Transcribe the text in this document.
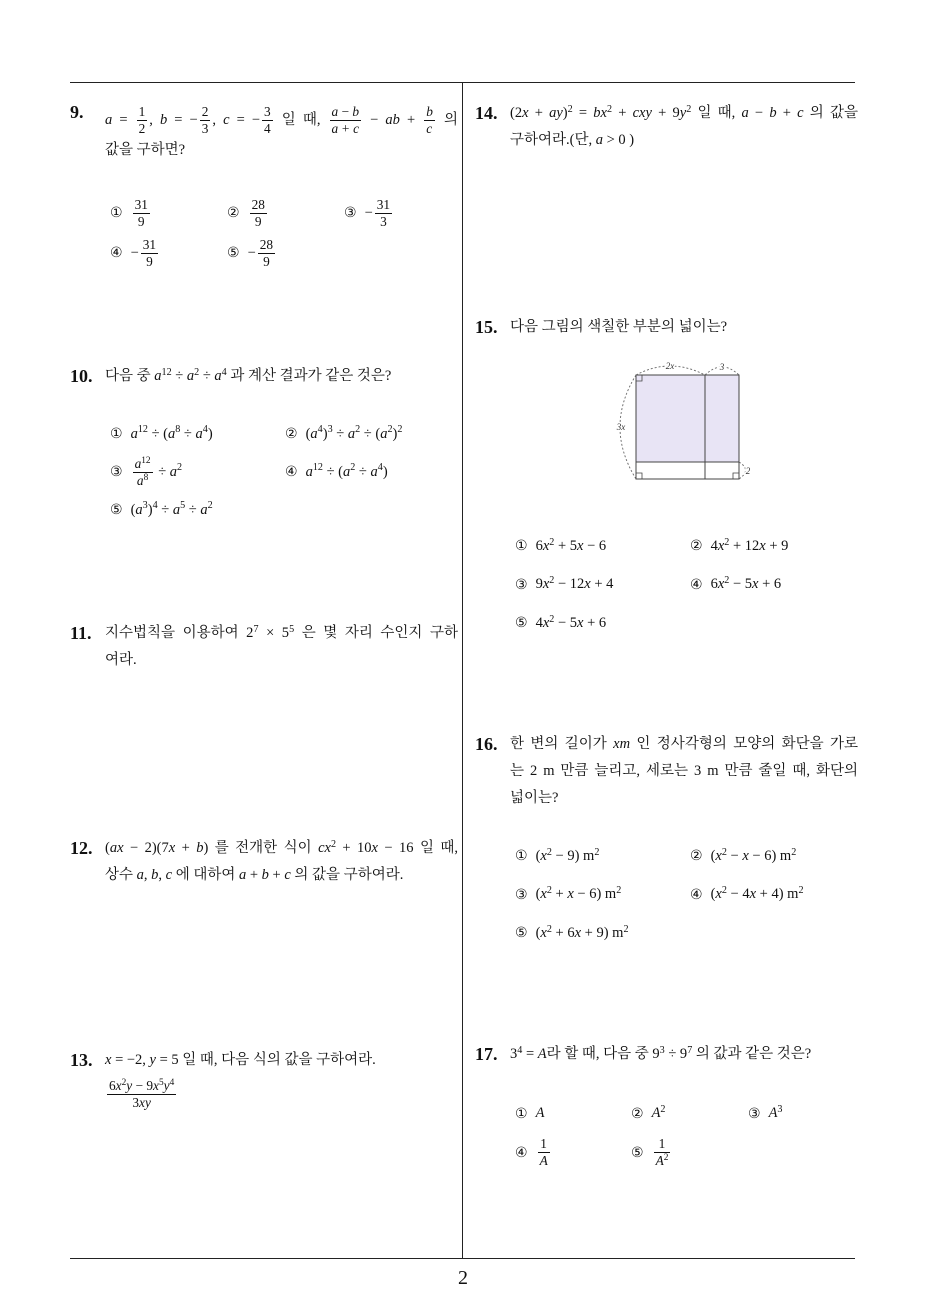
2
9. $a = \frac{1}{2}$ , b = − $\frac{2}{3}$ , c = − $\frac{3}{4}$ 일 때, $\frac{a - b}{a + c}$ − ab + $\frac{b}{c}$ 의
값을 구하면?
① $\frac{31}{9}$	② $\frac{28}{9}$	③ − $\frac{31}{3}$
④ − $\frac{31}{9}$	⑤ − $\frac{28}{9}$
10. 다음 중 $a^{12} \div a^2 \div a^4$ 과 계산 결과가 같은 것은?
① $a^{12} \div (a^8 \div a^4)$	② $(a^4)^3 \div a^2 \div (a^2)^2$
③ $\frac{a^{12}}{a^8} \div a^2$	④ $a^{12} \div (a^2 \div a^4)$
⑤ $(a^3)^4 \div a^5 \div a^2$
11. 지수법칙을 이용하여 $2^7 \times 5^5$ 은 몇 자리 수인지 구하
여라.
12. (ax − 2)(7x + b) 를 전개한 식이 $cx^2 + 10x - 16$ 일 때,
상수 a, b, c 에 대하여 a + b + c 의 값을 구하여라.
13. x = −2, y = 5 일 때, 다음 식의 값을 구하여라.
$\frac{6x^2y - 9x^5y^4}{3xy}$
14. $(2x + ay)^2 = bx^2$ + cxy + $9y^2$ 일 때, a − b + c 의 값을
구하여라.(단, a > 0 )
15. 다음 그림의 색칠한 부분의 넓이는?
2x	3
3x
2
① $6x^2 + 5x - 6$	② $4x^2 + 12x + 9$
③ $9x^2 - 12x + 4$	④ $6x^2 - 5x + 6$
⑤ $4x^2 - 5x + 6$
16. 한 변의 길이가 xm 인 정사각형의 모양의 화단을 가로
는 2 m 만큼 늘리고, 세로는 3 m 만큼 줄일 때, 화단의
넓이는?
① $(x^2 - 9)$ $m^2$	② $(x^2 - x - 6)$ $m^2$
③ $(x^2 + x - 6)$ $m^2$	④ $(x^2 - 4x + 4)$ $m^2$
⑤ $(x^2 + 6x + 9)$ $m^2$
17. $3^4 = A$라 할 때, 다음 중 $9^3 \div 9^7$ 의 값과 같은 것은?
① A	② $A^2$	③ $A^3$
④ $\frac{1}{A}$	⑤ $\frac{1}{A^2}$
